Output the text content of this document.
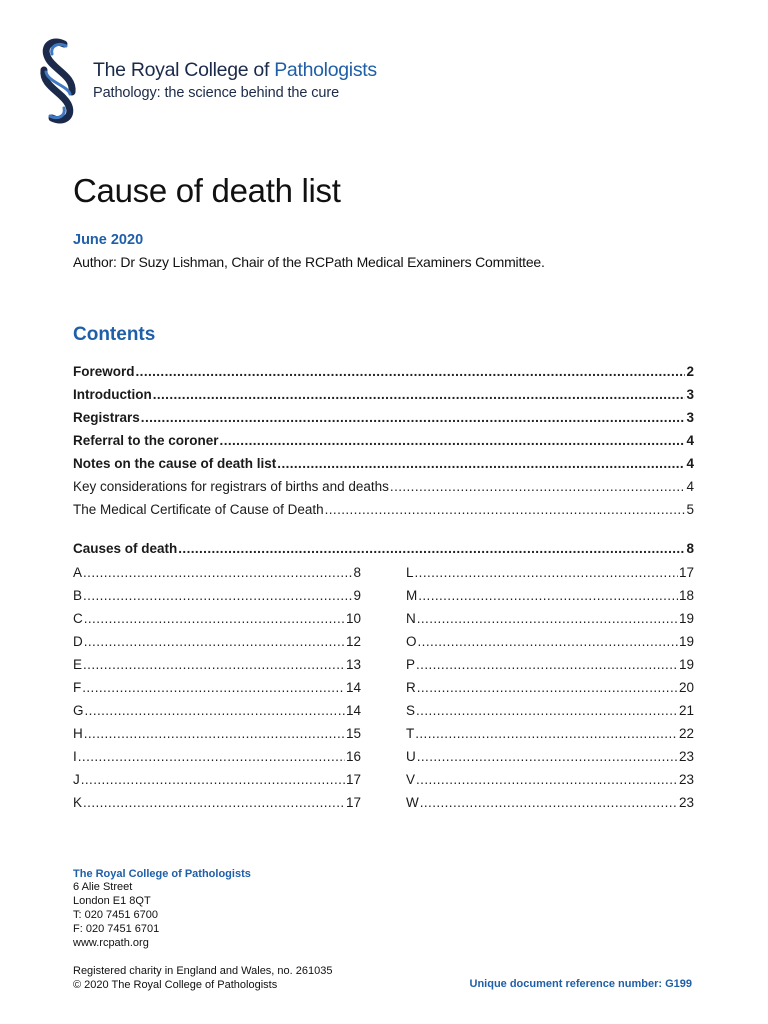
The Royal College of Pathologists
Pathology: the science behind the cure
Cause of death list
June 2020
Author: Dr Suzy Lishman, Chair of the RCPath Medical Examiners Committee.
Contents
Foreword .....	2
Introduction .....	3
Registrars .....	3
Referral to the coroner .....	4
Notes on the cause of death list .....	4
Key considerations for registrars of births and deaths .....	4
The Medical Certificate of Cause of Death .....	5
Causes of death .....	8
A .....	8
B .....	9
C .....	10
D .....	12
E .....	13
F .....	14
G .....	14
H .....	15
I .....	16
J .....	17
K .....	17
L .....	17
M .....	18
N .....	19
O .....	19
P .....	19
R .....	20
S .....	21
T .....	22
U .....	23
V .....	23
W .....	23
The Royal College of Pathologists
6 Alie Street
London E1 8QT
T: 020 7451 6700
F: 020 7451 6701
www.rcpath.org
Registered charity in England and Wales, no. 261035
© 2020 The Royal College of Pathologists	Unique document reference number: G199
